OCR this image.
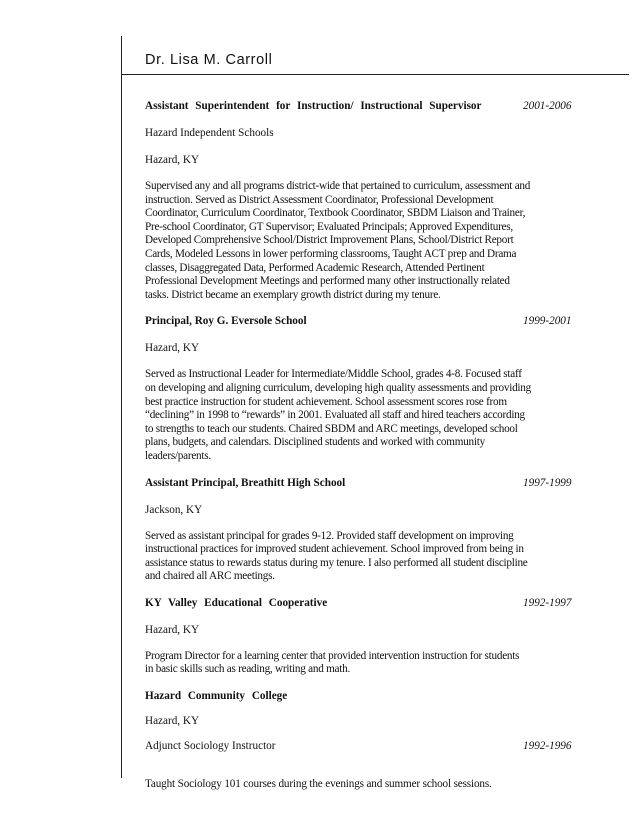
Dr. Lisa M. Carroll
Assistant Superintendent for Instruction/ Instructional Supervisor	2001-2006
Hazard Independent Schools
Hazard, KY
Supervised any and all programs district-wide that pertained to curriculum, assessment and
instruction. Served as District Assessment Coordinator, Professional Development
Coordinator, Curriculum Coordinator, Textbook Coordinator, SBDM Liaison and Trainer,
Pre-school Coordinator, GT Supervisor; Evaluated Principals; Approved Expenditures,
Developed Comprehensive School/District Improvement Plans, School/District Report
Cards, Modeled Lessons in lower performing classrooms, Taught ACT prep and Drama
classes, Disaggregated Data, Performed Academic Research, Attended Pertinent
Professional Development Meetings and performed many other instructionally related
tasks. District became an exemplary growth district during my tenure.
Principal, Roy G. Eversole School	1999-2001
Hazard, KY
Served as Instructional Leader for Intermediate/Middle School, grades 4-8. Focused staff
on developing and aligning curriculum, developing high quality assessments and providing
best practice instruction for student achievement. School assessment scores rose from
“declining” in 1998 to “rewards” in 2001. Evaluated all staff and hired teachers according
to strengths to teach our students. Chaired SBDM and ARC meetings, developed school
plans, budgets, and calendars. Disciplined students and worked with community
leaders/parents.
Assistant Principal, Breathitt High School	1997-1999
Jackson, KY
Served as assistant principal for grades 9-12. Provided staff development on improving
instructional practices for improved student achievement. School improved from being in
assistance status to rewards status during my tenure. I also performed all student discipline
and chaired all ARC meetings.
KY Valley Educational Cooperative	1992-1997
Hazard, KY
Program Director for a learning center that provided intervention instruction for students
in basic skills such as reading, writing and math.
Hazard Community College
Hazard, KY
Adjunct Sociology Instructor	1992-1996
Taught Sociology 101 courses during the evenings and summer school sessions.
